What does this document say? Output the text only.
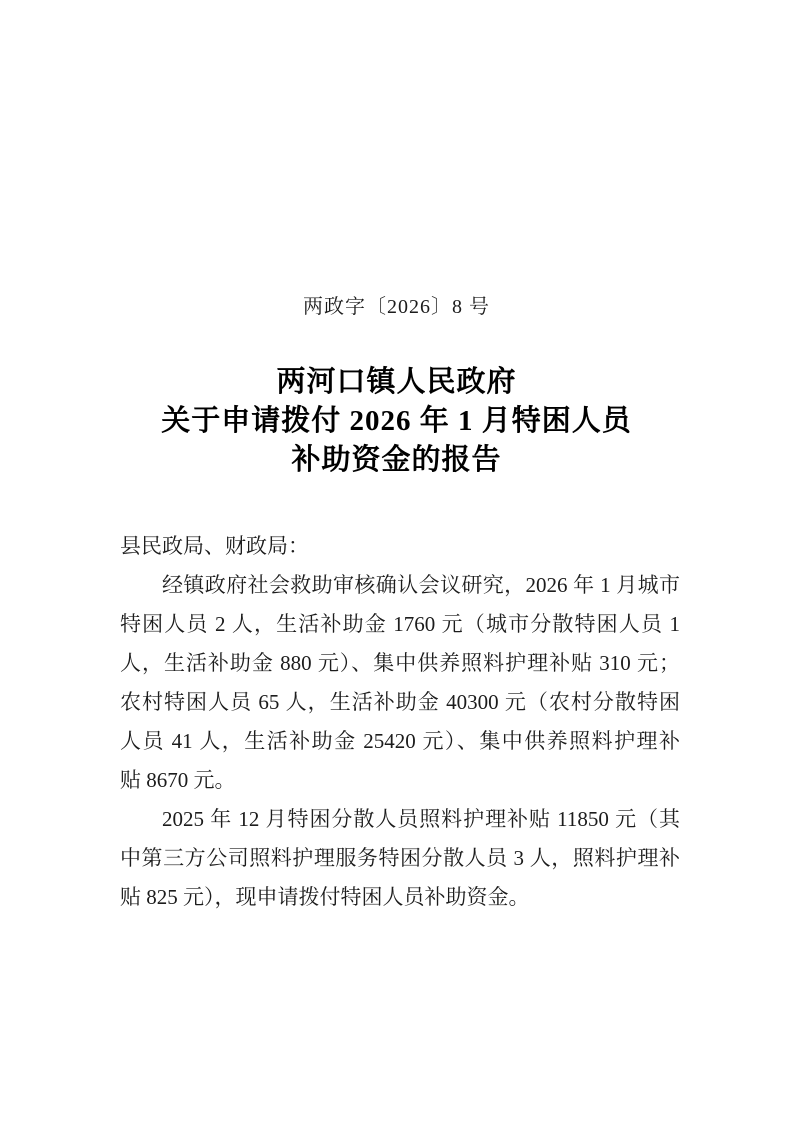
两政字〔2026〕8 号
两河口镇人民政府
关于申请拨付 2026 年 1 月特困人员
补助资金的报告
县民政局、财政局：
经镇政府社会救助审核确认会议研究，2026 年 1 月城市
特困人员 2 人，生活补助金 1760 元（城市分散特困人员 1
人，生活补助金 880 元）、集中供养照料护理补贴 310 元；
农村特困人员 65 人，生活补助金 40300 元（农村分散特困
人员 41 人，生活补助金 25420 元）、集中供养照料护理补
贴 8670 元。
2025 年 12 月特困分散人员照料护理补贴 11850 元（其
中第三方公司照料护理服务特困分散人员 3 人，照料护理补
贴 825 元），现申请拨付特困人员补助资金。
